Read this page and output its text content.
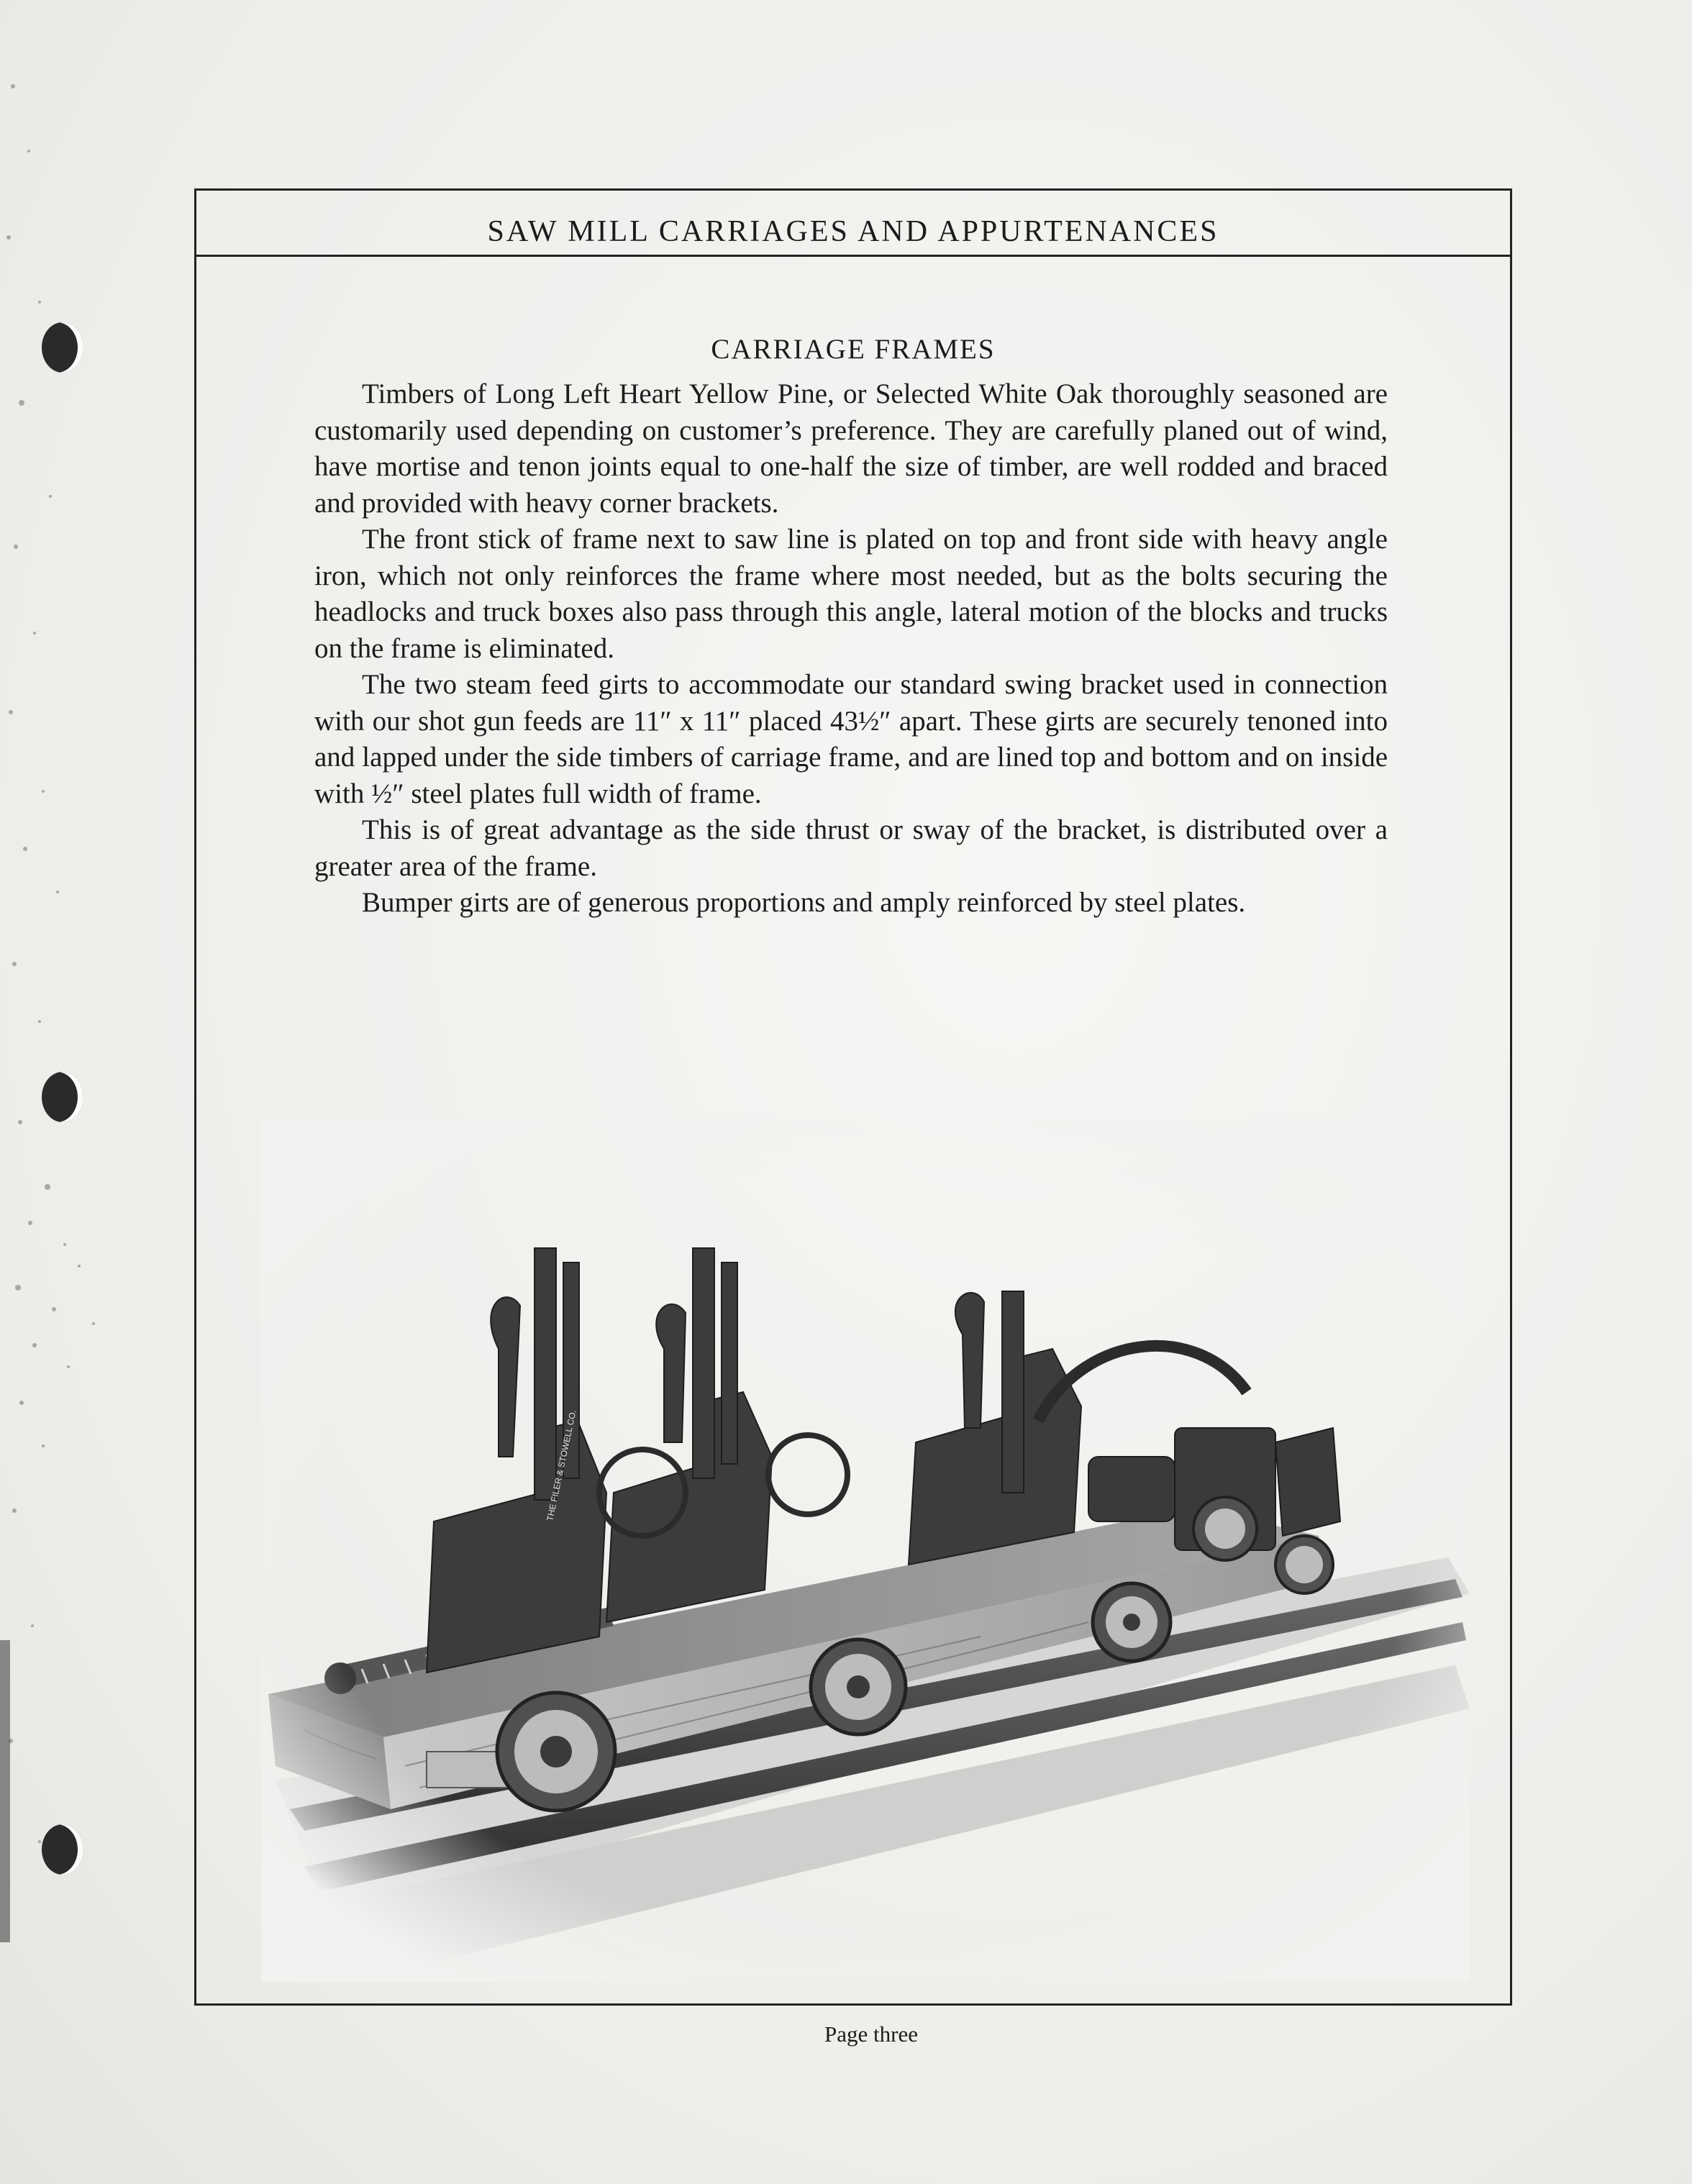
SAW MILL CARRIAGES AND APPURTENANCES
CARRIAGE FRAMES

Timbers of Long Left Heart Yellow Pine, or Selected White Oak thoroughly seasoned are customarily used depending on customer’s preference. They are carefully planed out of wind, have mortise and tenon joints equal to one-half the size of timber, are well rodded and braced and provided with heavy corner brackets.

The front stick of frame next to saw line is plated on top and front side with heavy angle iron, which not only reinforces the frame where most needed, but as the bolts securing the headlocks and truck boxes also pass through this angle, lateral motion of the blocks and trucks on the frame is eliminated.

The two steam feed girts to accommodate our standard swing bracket used in connection with our shot gun feeds are 11″ x 11″ placed 43½″ apart. These girts are securely tenoned into and lapped under the side timbers of carriage frame, and are lined top and bottom and on inside with ½″ steel plates full width of frame.

This is of great advantage as the side thrust or sway of the bracket, is distributed over a greater area of the frame.

Bumper girts are of generous proportions and amply reinforced by steel plates.

Page three
